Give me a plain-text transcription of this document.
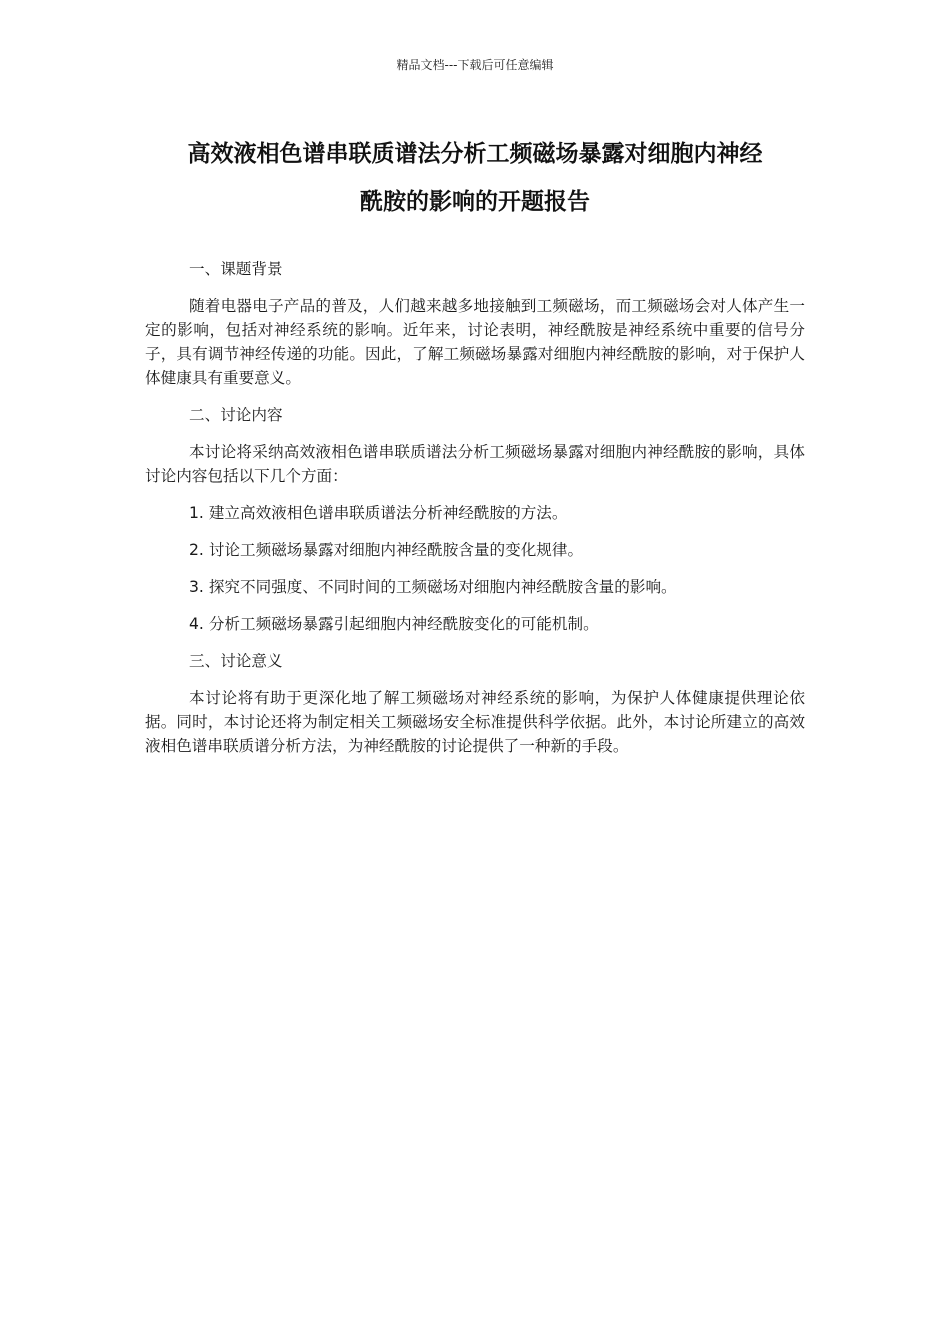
精品文档---下载后可任意编辑
高效液相色谱串联质谱法分析工频磁场暴露对细胞内神经
酰胺的影响的开题报告
一、课题背景
随着电器电子产品的普及，人们越来越多地接触到工频磁场，而工频磁场会对人体产生一定的影响，包括对神经系统的影响。近年来，讨论表明，神经酰胺是神经系统中重要的信号分子，具有调节神经传递的功能。因此，了解工频磁场暴露对细胞内神经酰胺的影响，对于保护人体健康具有重要意义。
二、讨论内容
本讨论将采纳高效液相色谱串联质谱法分析工频磁场暴露对细胞内神经酰胺的影响，具体讨论内容包括以下几个方面：
1. 建立高效液相色谱串联质谱法分析神经酰胺的方法。
2. 讨论工频磁场暴露对细胞内神经酰胺含量的变化规律。
3. 探究不同强度、不同时间的工频磁场对细胞内神经酰胺含量的影响。
4. 分析工频磁场暴露引起细胞内神经酰胺变化的可能机制。
三、讨论意义
本讨论将有助于更深化地了解工频磁场对神经系统的影响，为保护人体健康提供理论依据。同时，本讨论还将为制定相关工频磁场安全标准提供科学依据。此外，本讨论所建立的高效液相色谱串联质谱分析方法，为神经酰胺的讨论提供了一种新的手段。
